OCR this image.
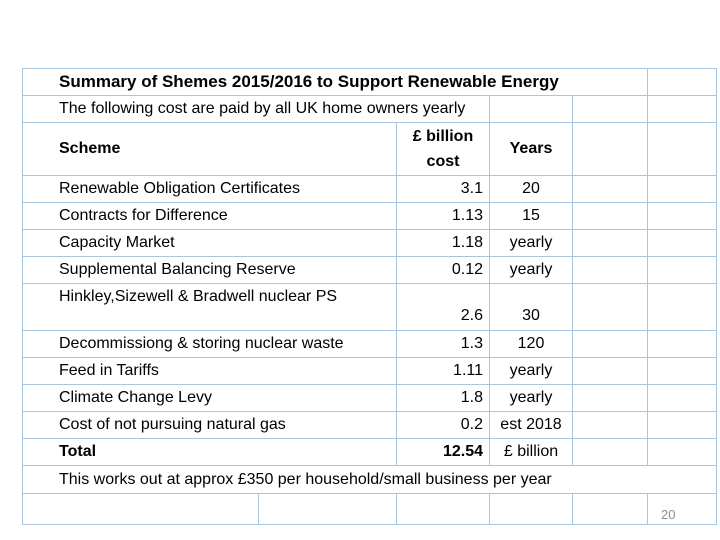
Summary of Shemes 2015/2016 to Support Renewable Energy					
The following cost are paid by all UK home owners yearly					
Scheme		£ billion cost	Years		
Renewable Obligation Certificates		3.1	20		
Contracts for Difference		1.13	15		
Capacity Market		1.18	yearly		
Supplemental Balancing Reserve		0.12	yearly		
Hinkley,Sizewell & Bradwell nuclear PS		2.6	30		
Decommissiong & storing nuclear waste		1.3	120		
Feed in Tariffs		1.11	yearly		
Climate Change Levy		1.8	yearly		
Cost of not pursuing natural gas		0.2	est 2018		
Total		12.54	£ billion		
This works out at approx £350 per household/small business per year					

20
